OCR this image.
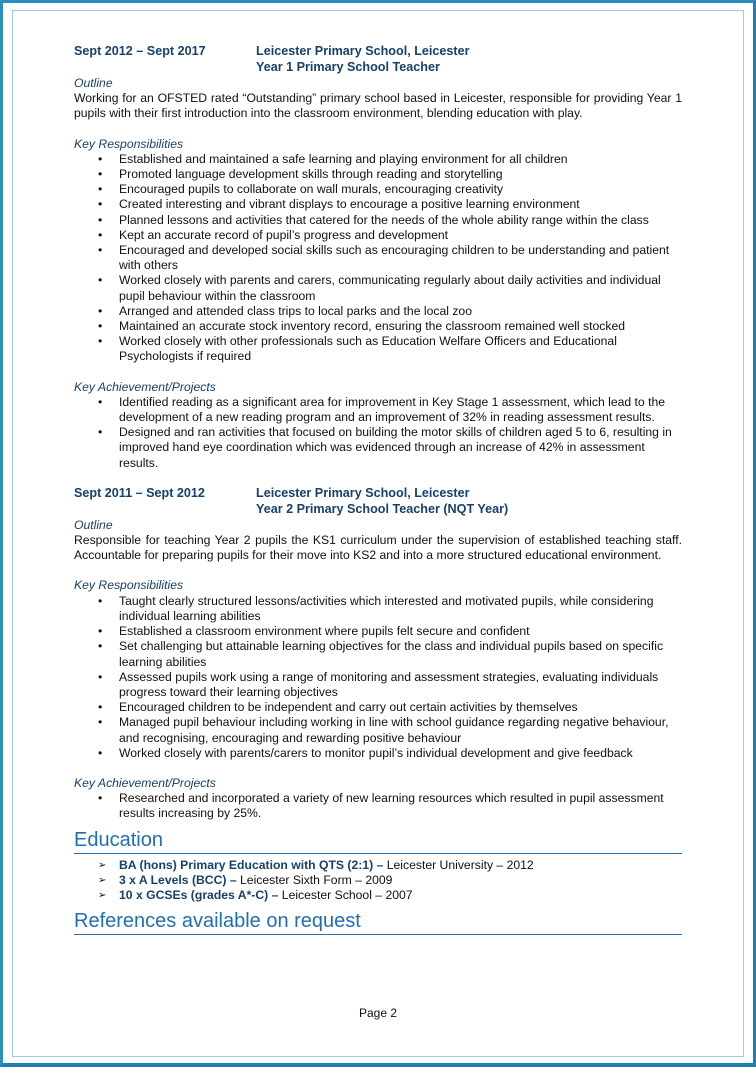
Sept 2012 – Sept 2017	Leicester Primary School, Leicester
Year 1 Primary School Teacher
Outline
Working for an OFSTED rated “Outstanding” primary school based in Leicester, responsible for providing Year 1 pupils with their first introduction into the classroom environment, blending education with play.
Key Responsibilities
• Established and maintained a safe learning and playing environment for all children
• Promoted language development skills through reading and storytelling
• Encouraged pupils to collaborate on wall murals, encouraging creativity
• Created interesting and vibrant displays to encourage a positive learning environment
• Planned lessons and activities that catered for the needs of the whole ability range within the class
• Kept an accurate record of pupil’s progress and development
• Encouraged and developed social skills such as encouraging children to be understanding and patient with others
• Worked closely with parents and carers, communicating regularly about daily activities and individual pupil behaviour within the classroom
• Arranged and attended class trips to local parks and the local zoo
• Maintained an accurate stock inventory record, ensuring the classroom remained well stocked
• Worked closely with other professionals such as Education Welfare Officers and Educational Psychologists if required
Key Achievement/Projects
• Identified reading as a significant area for improvement in Key Stage 1 assessment, which lead to the development of a new reading program and an improvement of 32% in reading assessment results.
• Designed and ran activities that focused on building the motor skills of children aged 5 to 6, resulting in improved hand eye coordination which was evidenced through an increase of 42% in assessment results.
Sept 2011 – Sept 2012	Leicester Primary School, Leicester
Year 2 Primary School Teacher (NQT Year)
Outline
Responsible for teaching Year 2 pupils the KS1 curriculum under the supervision of established teaching staff. Accountable for preparing pupils for their move into KS2 and into a more structured educational environment.
Key Responsibilities
• Taught clearly structured lessons/activities which interested and motivated pupils, while considering individual learning abilities
• Established a classroom environment where pupils felt secure and confident
• Set challenging but attainable learning objectives for the class and individual pupils based on specific learning abilities
• Assessed pupils work using a range of monitoring and assessment strategies, evaluating individuals progress toward their learning objectives
• Encouraged children to be independent and carry out certain activities by themselves
• Managed pupil behaviour including working in line with school guidance regarding negative behaviour, and recognising, encouraging and rewarding positive behaviour
• Worked closely with parents/carers to monitor pupil’s individual development and give feedback
Key Achievement/Projects
• Researched and incorporated a variety of new learning resources which resulted in pupil assessment results increasing by 25%.
Education
➢ BA (hons) Primary Education with QTS (2:1) – Leicester University – 2012
➢ 3 x A Levels (BCC) – Leicester Sixth Form – 2009
➢ 10 x GCSEs (grades A*-C) – Leicester School – 2007
References available on request
Page 2
